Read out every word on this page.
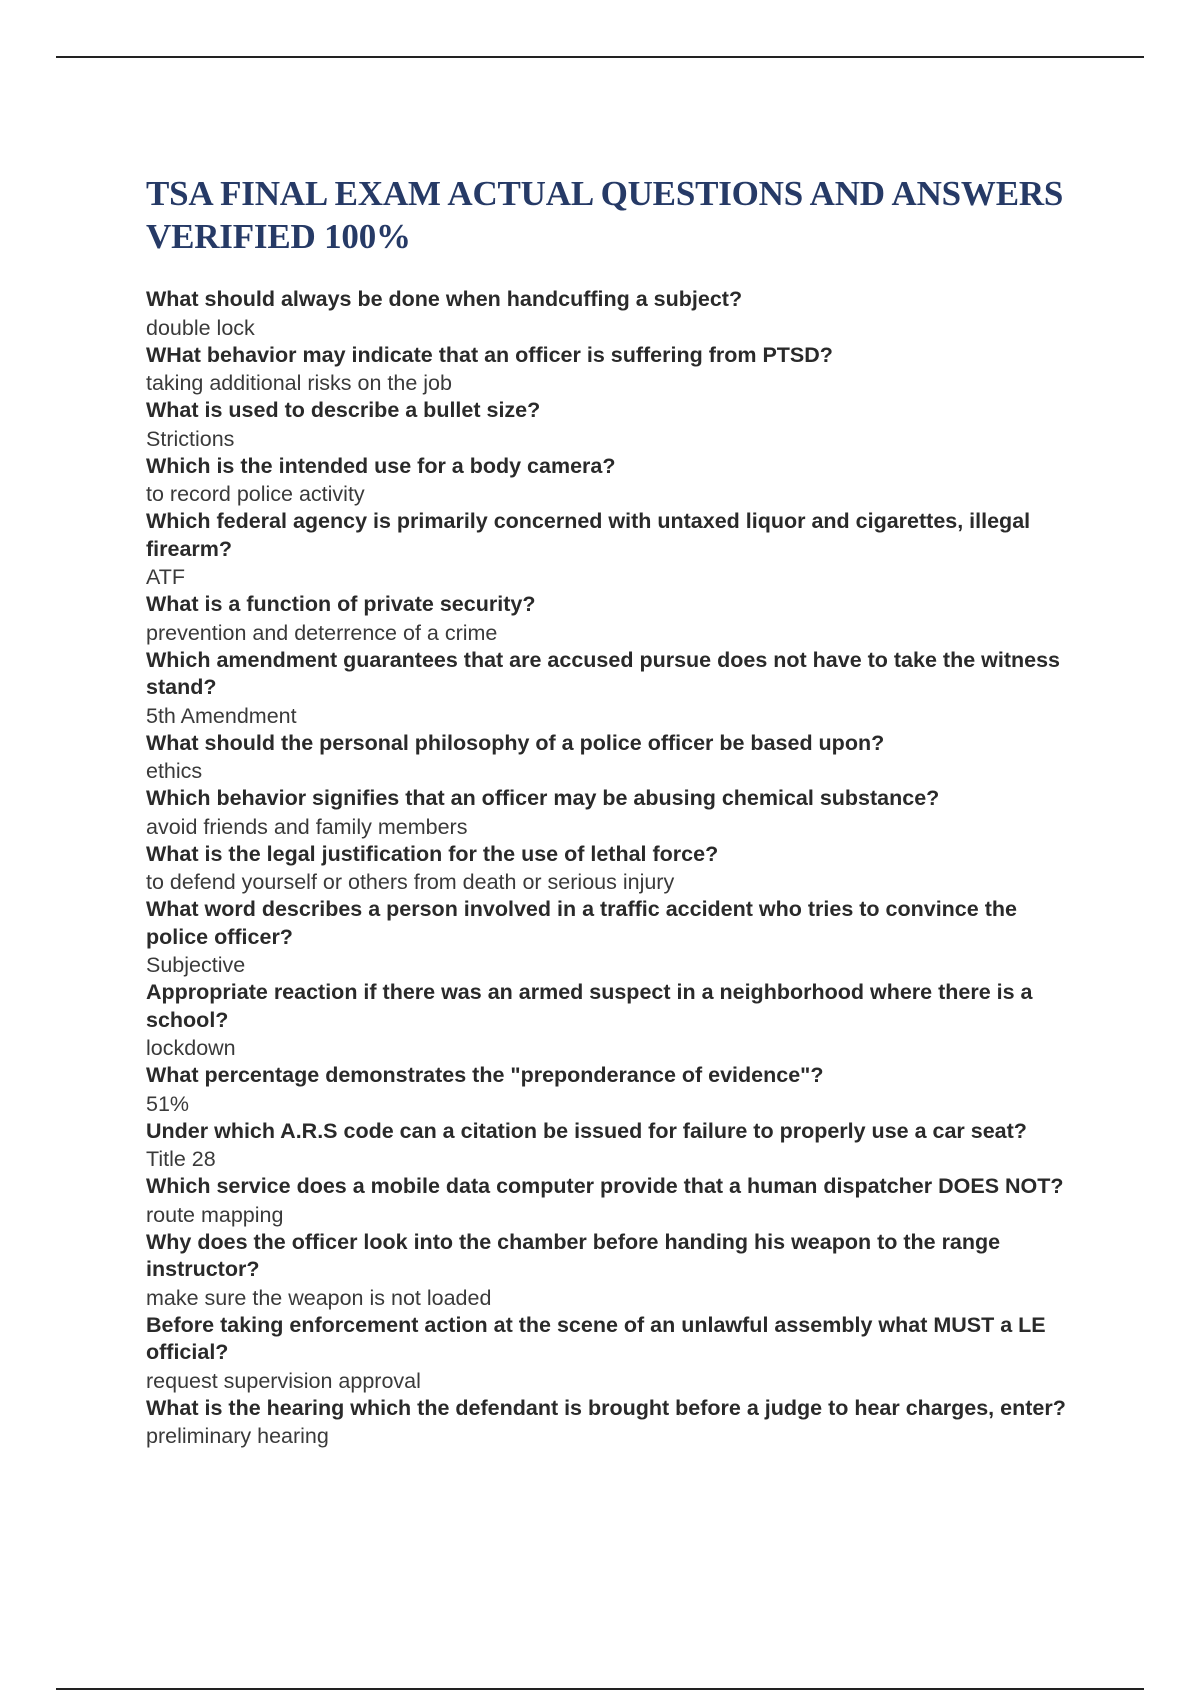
TSA FINAL EXAM ACTUAL QUESTIONS AND ANSWERS VERIFIED 100%
What should always be done when handcuffing a subject?
double lock
WHat behavior may indicate that an officer is suffering from PTSD?
taking additional risks on the job
What is used to describe a bullet size?
Strictions
Which is the intended use for a body camera?
to record police activity
Which federal agency is primarily concerned with untaxed liquor and cigarettes, illegal firearm?
ATF
What is a function of private security?
prevention and deterrence of a crime
Which amendment guarantees that are accused pursue does not have to take the witness stand?
5th Amendment
What should the personal philosophy of a police officer be based upon?
ethics
Which behavior signifies that an officer may be abusing chemical substance?
avoid friends and family members
What is the legal justification for the use of lethal force?
to defend yourself or others from death or serious injury
What word describes a person involved in a traffic accident who tries to convince the police officer?
Subjective
Appropriate reaction if there was an armed suspect in a neighborhood where there is a school?
lockdown
What percentage demonstrates the "preponderance of evidence"?
51%
Under which A.R.S code can a citation be issued for failure to properly use a car seat?
Title 28
Which service does a mobile data computer provide that a human dispatcher DOES NOT?
route mapping
Why does the officer look into the chamber before handing his weapon to the range instructor?
make sure the weapon is not loaded
Before taking enforcement action at the scene of an unlawful assembly what MUST a LE official?
request supervision approval
What is the hearing which the defendant is brought before a judge to hear charges, enter?
preliminary hearing
